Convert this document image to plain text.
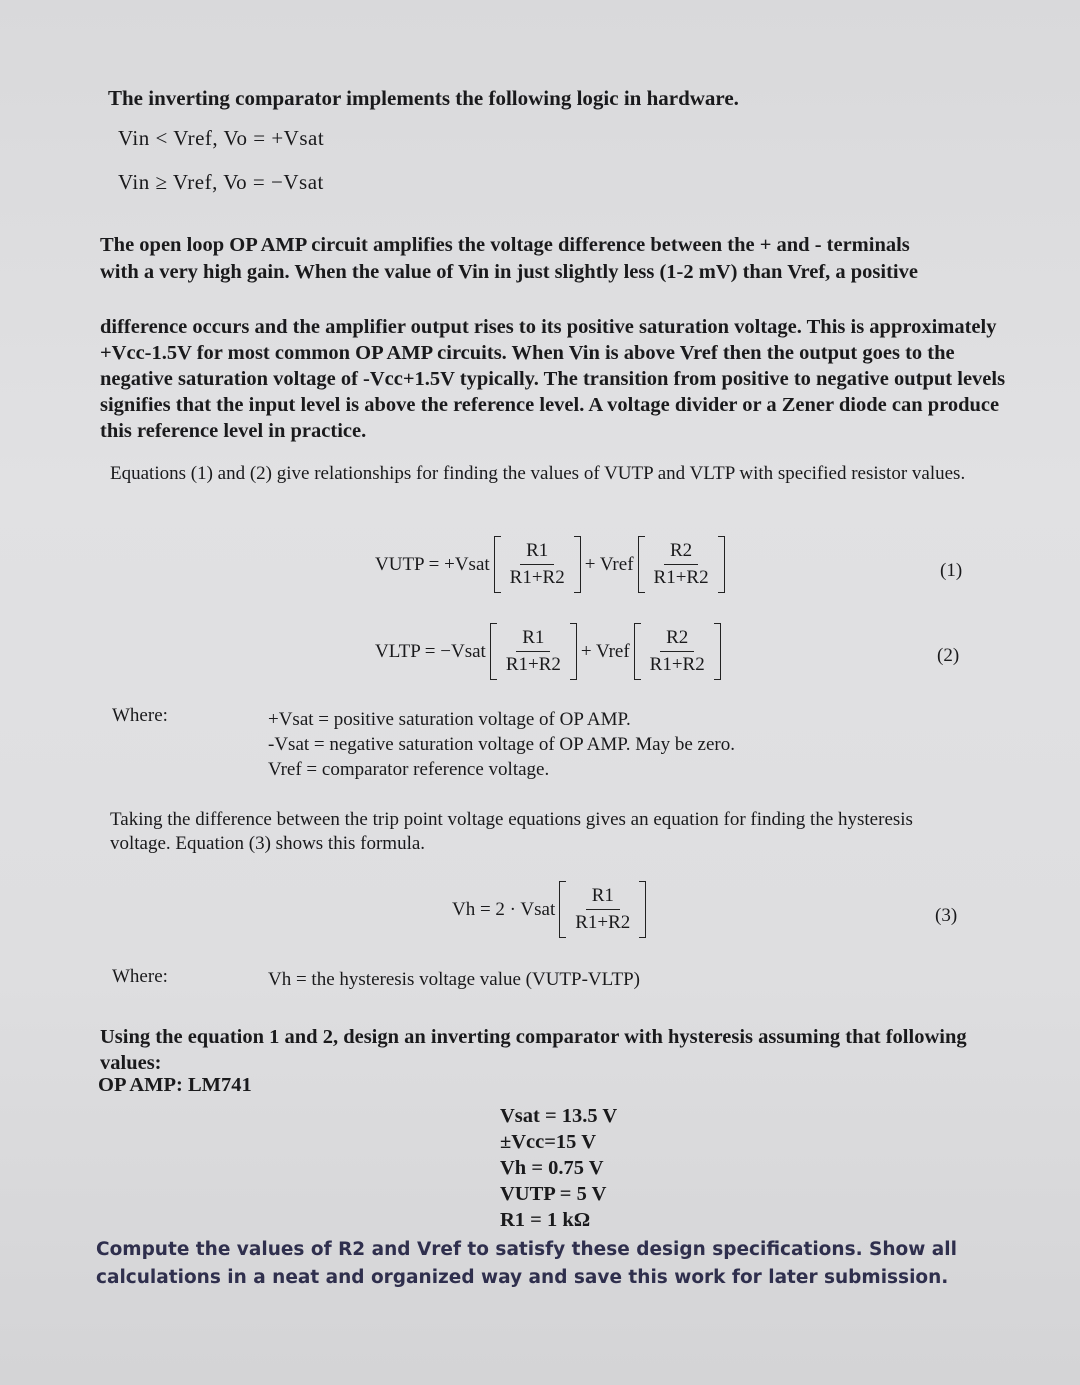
The inverting comparator implements the following logic in hardware.

Vin < Vref, Vo = +Vsat
Vin ≥ Vref, Vo = −Vsat

The open loop OP AMP circuit amplifies the voltage difference between the + and - terminals

with a very high gain. When the value of Vin in just slightly less (1-2 mV) than Vref, a positive

difference occurs and the amplifier output rises to its positive saturation voltage. This is approximately +Vcc-1.5V for most common OP AMP circuits. When Vin is above Vref then the output goes to the negative saturation voltage of -Vcc+1.5V typically. The transition from positive to negative output levels signifies that the input level is above the reference level. A voltage divider or a Zener diode can produce this reference level in practice.

Equations (1) and (2) give relationships for finding the values of VUTP and VLTP with specified resistor values.

VUTP = +Vsat $\frac{R1}{R1+R2}$ + Vref $\frac{R2}{R1+R2}$	(1)
VLTP = −Vsat $\frac{R1}{R1+R2}$ + Vref $\frac{R2}{R1+R2}$	(2)
Where:	+Vsat = positive saturation voltage of OP AMP.
-Vsat = negative saturation voltage of OP AMP. May be zero.
Vref = comparator reference voltage.

Taking the difference between the trip point voltage equations gives an equation for finding the hysteresis voltage. Equation (3) shows this formula.

Vh = 2 · Vsat $\frac{R1}{R1+R2}$	(3)
Where:	Vh = the hysteresis voltage value (VUTP-VLTP)

Using the equation 1 and 2, design an inverting comparator with hysteresis assuming that following values:

OP AMP: LM741
Vsat = 13.5 V
±Vcc=15 V
Vh = 0.75 V
VUTP = 5 V
R1 = 1 kΩ

Compute the values of R2 and Vref to satisfy these design specifications. Show all calculations in a neat and organized way and save this work for later submission.
